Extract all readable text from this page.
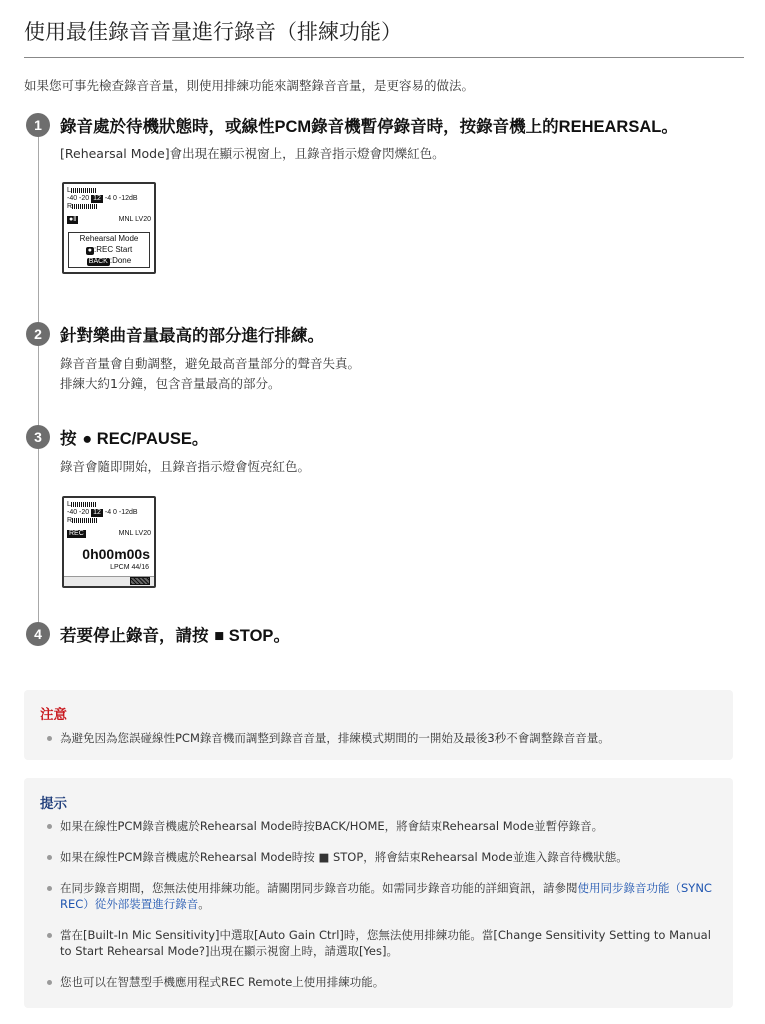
使用最佳錄音音量進行錄音（排練功能）
如果您可事先檢查錄音音量，則使用排練功能來調整錄音音量，是更容易的做法。
1	錄音處於待機狀態時，或線性PCM錄音機暫停錄音時，按錄音機上的REHEARSAL。
[Rehearsal Mode]會出現在顯示視窗上，且錄音指示燈會閃爍紅色。
L
-40 -20 12 -4 0 -12dB
R
●‖	MNL LV20
Rehearsal Mode
● :REC Start
BACK :Done
2	針對樂曲音量最高的部分進行排練。
錄音音量會自動調整，避免最高音量部分的聲音失真。
排練大約1分鐘，包含音量最高的部分。
3	按 ● REC/PAUSE。
錄音會隨即開始，且錄音指示燈會恆亮紅色。
L
-40 -20 12 -4 0 -12dB
R
REC	MNL LV20
0h00m00s
LPCM 44/16
4	若要停止錄音，請按 ■ STOP。
注意
為避免因為您誤碰線性PCM錄音機而調整到錄音音量，排練模式期間的一開始及最後3秒不會調整錄音音量。
提示
如果在線性PCM錄音機處於Rehearsal Mode時按BACK/HOME，將會結束Rehearsal Mode並暫停錄音。
如果在線性PCM錄音機處於Rehearsal Mode時按 ■ STOP，將會結束Rehearsal Mode並進入錄音待機狀態。
在同步錄音期間，您無法使用排練功能。請關閉同步錄音功能。如需同步錄音功能的詳細資訊，請參閱使用同步錄音功能（SYNC REC）從外部裝置進行錄音。
當在[Built-In Mic Sensitivity]中選取[Auto Gain Ctrl]時，您無法使用排練功能。當[Change Sensitivity Setting to Manual to Start Rehearsal Mode?]出現在顯示視窗上時，請選取[Yes]。
您也可以在智慧型手機應用程式REC Remote上使用排練功能。
